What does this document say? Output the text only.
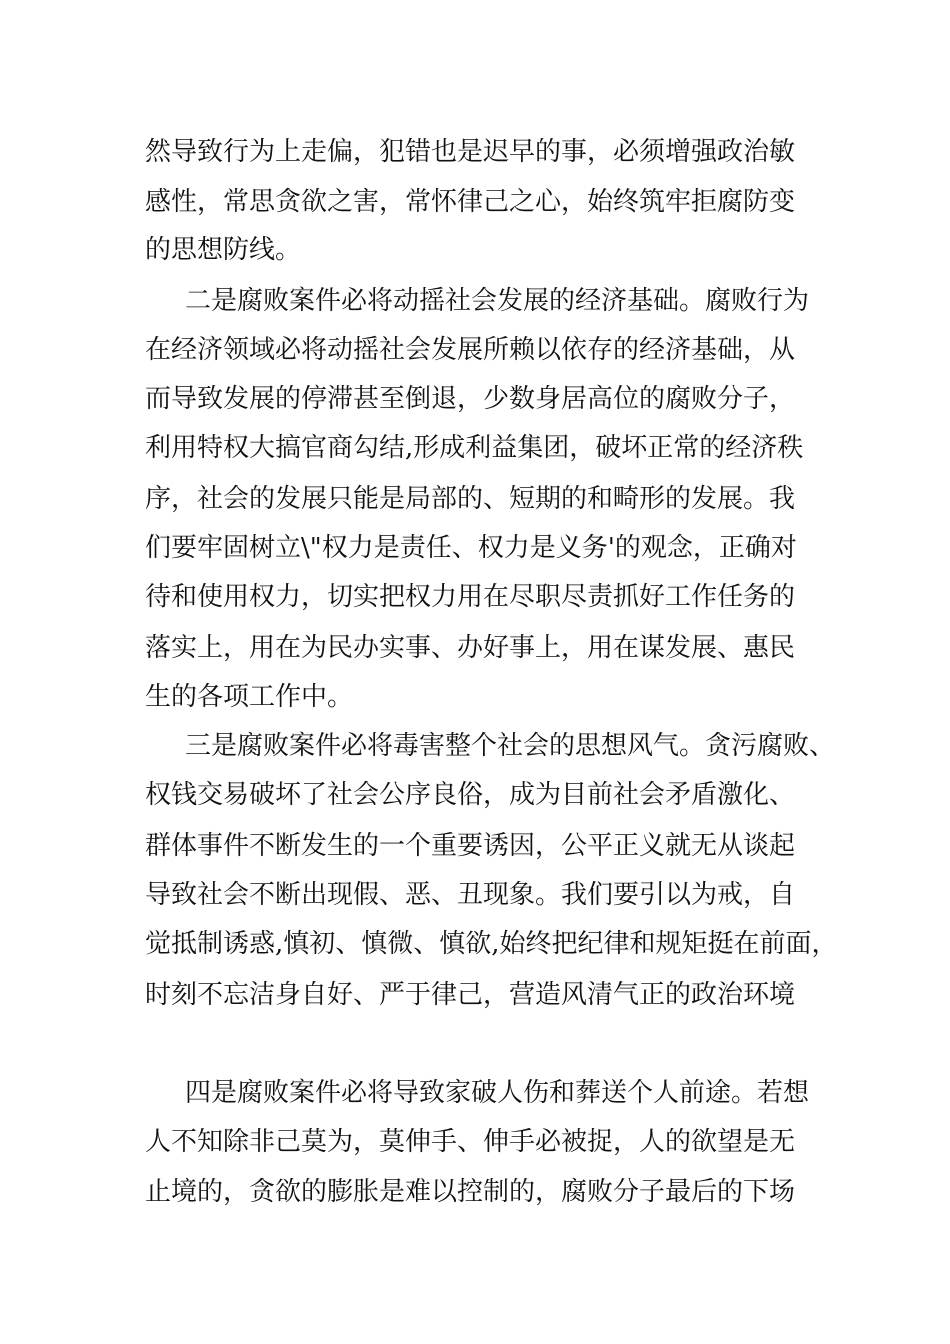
然导致行为上走偏，犯错也是迟早的事，必须增强政治敏
感性，常思贪欲之害，常怀律己之心，始终筑牢拒腐防变
的思想防线。
二是腐败案件必将动摇社会发展的经济基础。腐败行为
在经济领域必将动摇社会发展所赖以依存的经济基础，从
而导致发展的停滞甚至倒退，少数身居高位的腐败分子，
利用特权大搞官商勾结,形成利益集团，破坏正常的经济秩
序，社会的发展只能是局部的、短期的和畸形的发展。我
们要牢固树立\"权力是责任、权力是义务'的观念，正确对
待和使用权力，切实把权力用在尽职尽责抓好工作任务的
落实上，用在为民办实事、办好事上，用在谋发展、惠民
生的各项工作中。
三是腐败案件必将毒害整个社会的思想风气。贪污腐败、
权钱交易破坏了社会公序良俗，成为目前社会矛盾激化、
群体事件不断发生的一个重要诱因，公平正义就无从谈起
导致社会不断出现假、恶、丑现象。我们要引以为戒，自
觉抵制诱惑,慎初、慎微、慎欲,始终把纪律和规矩挺在前面，
时刻不忘洁身自好、严于律己，营造风清气正的政治环境
四是腐败案件必将导致家破人伤和葬送个人前途。若想
人不知除非己莫为，莫伸手、伸手必被捉，人的欲望是无
止境的，贪欲的膨胀是难以控制的，腐败分子最后的下场
